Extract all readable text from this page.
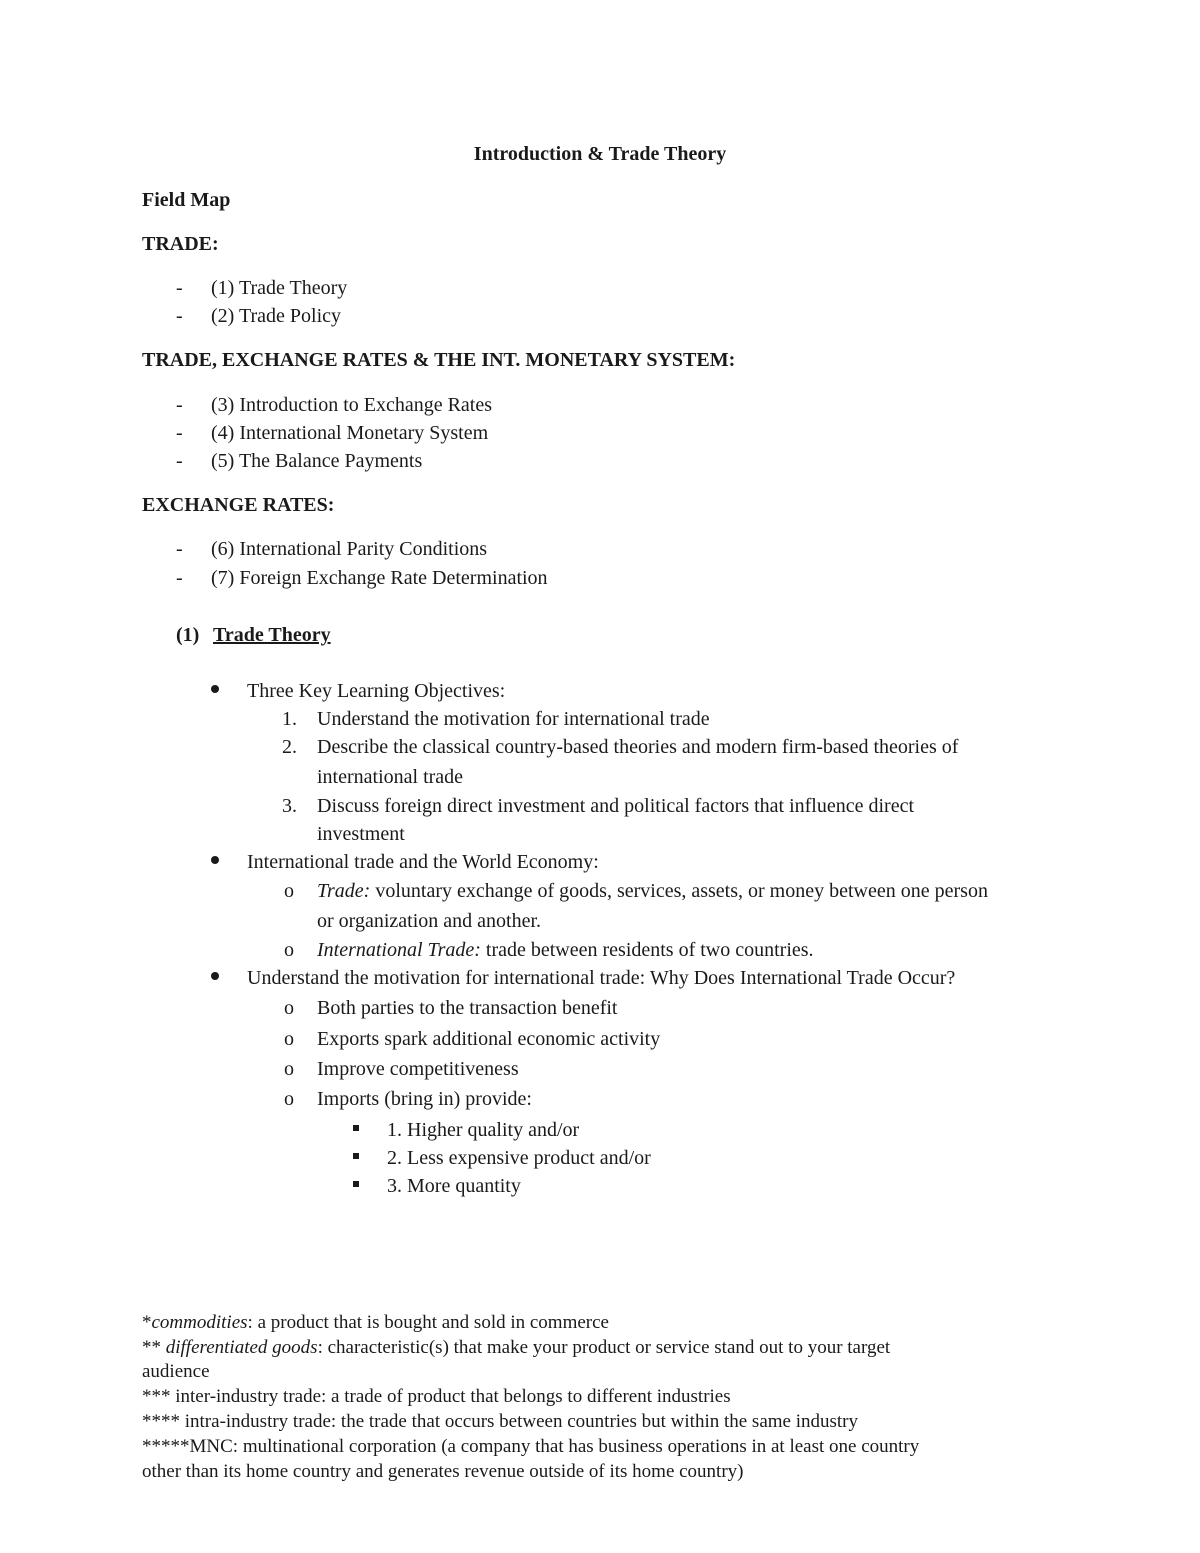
Introduction & Trade Theory
Field Map
TRADE:
- (1) Trade Theory
- (2) Trade Policy
TRADE, EXCHANGE RATES & THE INT. MONETARY SYSTEM:
- (3) Introduction to Exchange Rates
- (4) International Monetary System
- (5) The Balance Payments
EXCHANGE RATES:
- (6) International Parity Conditions
- (7) Foreign Exchange Rate Determination
(1) Trade Theory
Three Key Learning Objectives:
1. Understand the motivation for international trade
2. Describe the classical country-based theories and modern firm-based theories of
international trade
3. Discuss foreign direct investment and political factors that influence direct
investment
International trade and the World Economy:
o Trade: voluntary exchange of goods, services, assets, or money between one person
or organization and another.
o International Trade: trade between residents of two countries.
Understand the motivation for international trade: Why Does International Trade Occur?
o Both parties to the transaction benefit
o Exports spark additional economic activity
o Improve competitiveness
o Imports (bring in) provide:
1. Higher quality and/or
2. Less expensive product and/or
3. More quantity
*commodities: a product that is bought and sold in commerce
** differentiated goods: characteristic(s) that make your product or service stand out to your target
audience
*** inter-industry trade: a trade of product that belongs to different industries
**** intra-industry trade: the trade that occurs between countries but within the same industry
*****MNC: multinational corporation (a company that has business operations in at least one country
other than its home country and generates revenue outside of its home country)
